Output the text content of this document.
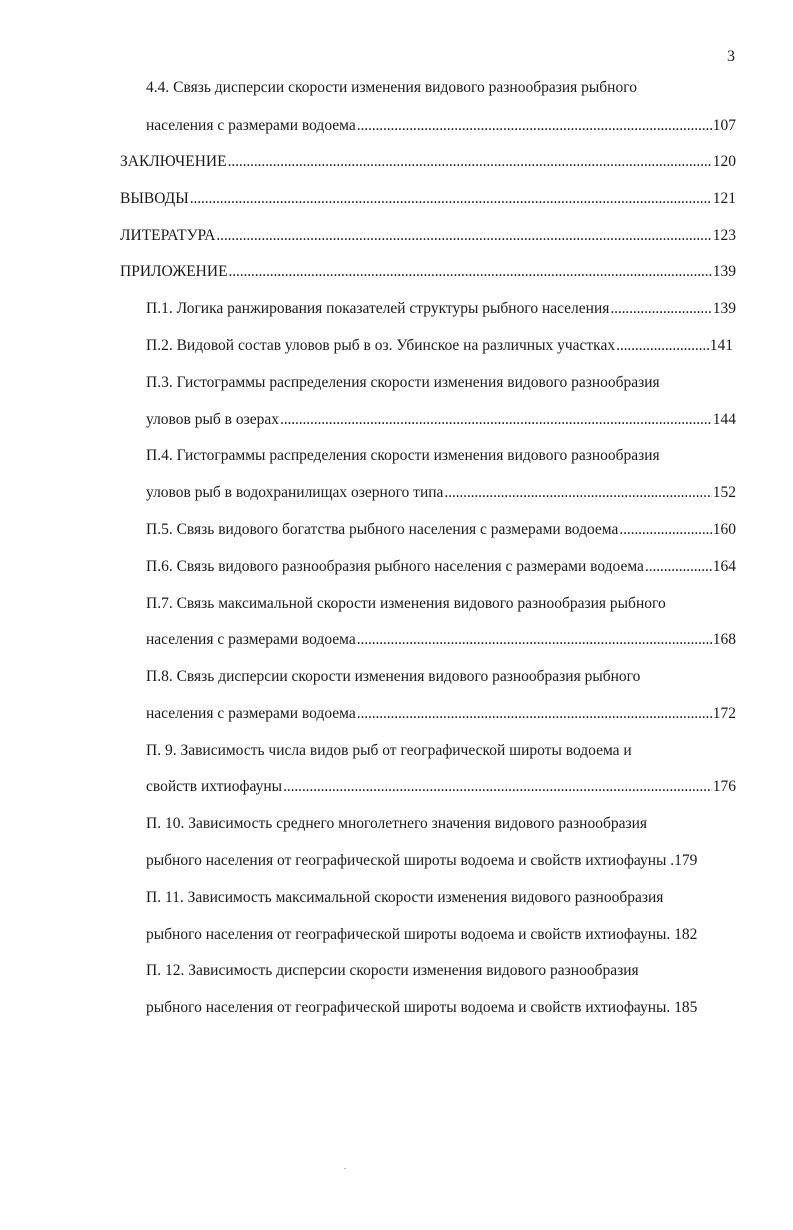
3
4.4. Связь дисперсии скорости изменения видового разнообразия рыбного
населения с размерами водоема . . .	107
ЗАКЛЮЧЕНИЕ . . .	120
ВЫВОДЫ . . .	121
ЛИТЕРАТУРА . . .	123
ПРИЛОЖЕНИЕ . . .	139
П.1. Логика ранжирования показателей структуры рыбного населения . . .	139
П.2. Видовой состав уловов рыб в оз. Убинское на различных участках . . .	141
П.3. Гистограммы распределения скорости изменения видового разнообразия
уловов рыб в озерах . . .	144
П.4. Гистограммы распределения скорости изменения видового разнообразия
уловов рыб в водохранилищах озерного типа . . .	152
П.5. Связь видового богатства рыбного населения с размерами водоема . . .	160
П.6. Связь видового разнообразия рыбного населения с размерами водоема . . .	164
П.7. Связь максимальной скорости изменения видового разнообразия рыбного
населения с размерами водоема . . .	168
П.8. Связь дисперсии скорости изменения видового разнообразия рыбного
населения с размерами водоема . . .	172
П. 9. Зависимость числа видов рыб от географической широты водоема и
свойств ихтиофауны . . .	176
П. 10. Зависимость среднего многолетнего значения видового разнообразия
рыбного населения от географической широты водоема и свойств ихтиофауны .179
П. 11. Зависимость максимальной скорости изменения видового разнообразия
рыбного населения от географической широты водоема и свойств ихтиофауны. 182
П. 12. Зависимость дисперсии скорости изменения видового разнообразия
рыбного населения от географической широты водоема и свойств ихтиофауны. 185
